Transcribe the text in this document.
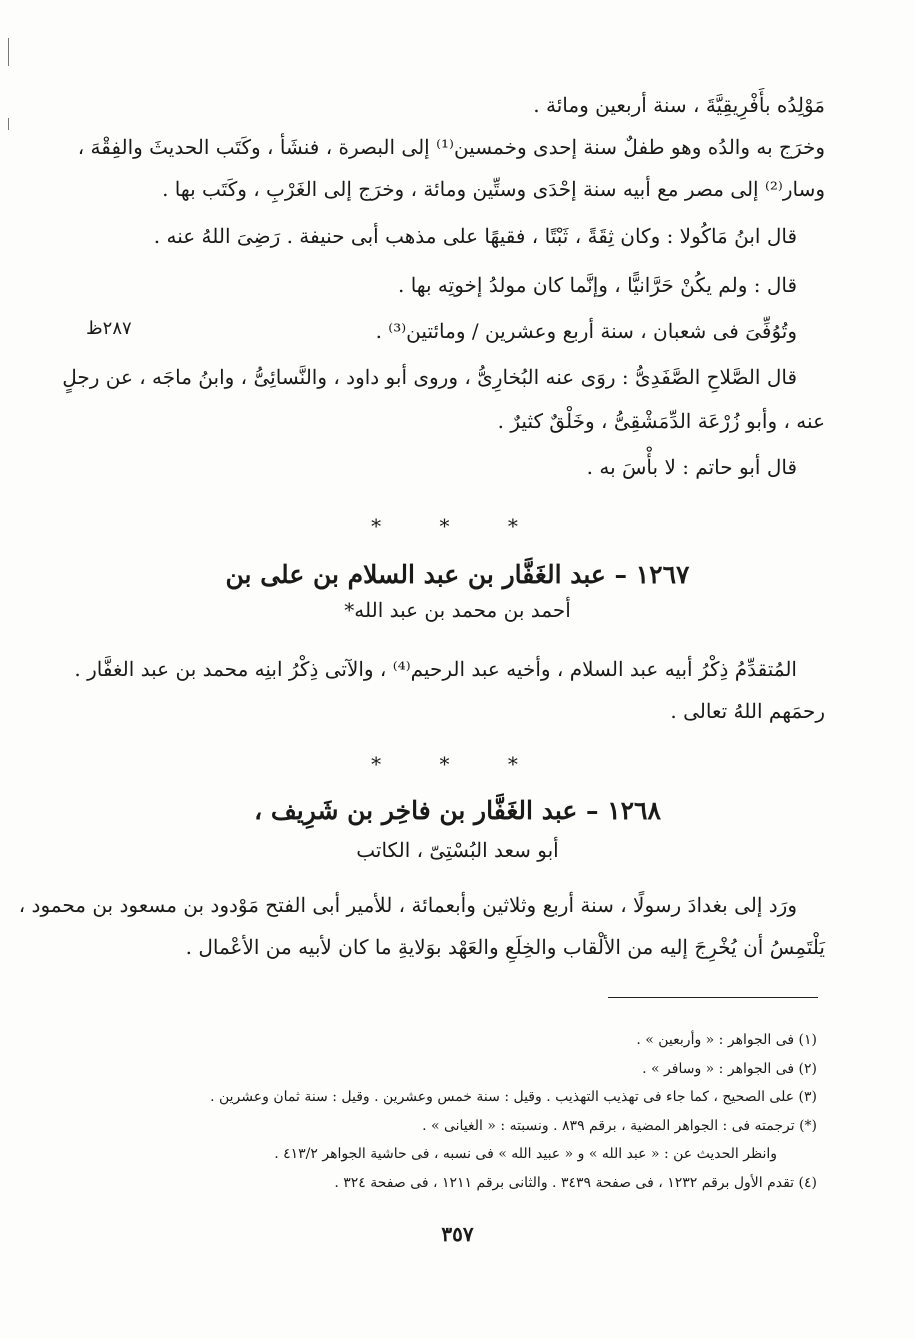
٢٨٧ظ

مَوْلِدُه بأَفْرِيقِيَّةَ ، سنة أربعين ومائة .

وخرَج به والدُه وهو طفلٌ سنة إحدى وخمسين⁽¹⁾ إلى البصرة ، فنشَأ ، وكَتَب الحديثَ والفِقْهَ ،

وسار⁽²⁾ إلى مصر مع أبيه سنة إحْدَى وستِّين ومائة ، وخرَج إلى الغَرْبِ ، وكَتَب بها .

قال ابنُ مَاكُولا : وكان ثِقَةً ، ثَبْتًا ، فقيهًا على مذهب أبى حنيفة . رَضِىَ اللهُ عنه .

قال : ولم يكُنْ حَرَّانيًّا ، وإنَّما كان مولدُ إخوتِه بها .

وتُوُفِّىَ فى شعبان ، سنة أربع وعشرين / ومائتين⁽³⁾ .

قال الصَّلاحِ الصَّفَدِىُّ : روَى عنه البُخارِىُّ ، وروى أبو داود ، والنَّسائِىُّ ، وابنُ ماجَه ، عن رجلٍ

عنه ، وأبو زُرْعَة الدِّمَشْقِىُّ ، وخَلْقٌ كثيرٌ .

قال أبو حاتم : لا بأْسَ به .

* * *
١٢٦٧ – عبد الغَفَّار بن عبد السلام بن على بن
أحمد بن محمد بن عبد الله*

المُتقدِّمُ ذِكْرُ أبيه عبد السلام ، وأخيه عبد الرحيم⁽⁴⁾ ، والآتى ذِكْرُ ابنِه محمد بن عبد الغفَّار .

رحمَهم اللهُ تعالى .

* * *
١٢٦٨ – عبد الغَفَّار بن فاخِر بن شَرِيف ،
أبو سعد البُسْتِىّ ، الكاتب

ورَد إلى بغدادَ رسولًا ، سنة أربع وثلاثين وأبعمائة ، للأمير أبى الفتح مَوْدود بن مسعود بن محمود ،

يَلْتَمِسُ أن يُخْرِجَ إليه من الألْقاب والخِلَعِ والعَهْد بوَلايةِ ما كان لأبيه من الأعْمال .

(١) فى الجواهر : « وأربعين » .

(٢) فى الجواهر : « وسافر » .

(٣) على الصحيح ، كما جاء فى تهذيب التهذيب . وقيل : سنة خمس وعشرين . وقيل : سنة ثمان وعشرين .

(*) ترجمته فى : الجواهر المضية ، برقم ٨٣٩ . ونسبته : « الغيانى » .

وانظر الحديث عن : « عبد الله » و « عبيد الله » فى نسبه ، فى حاشية الجواهر ٤١٣/٢ .

(٤) تقدم الأول برقم ١٢٣٢ ، فى صفحة ٣٤٣٩ . والثانى برقم ١٢١١ ، فى صفحة ٣٢٤ .

٣٥٧
